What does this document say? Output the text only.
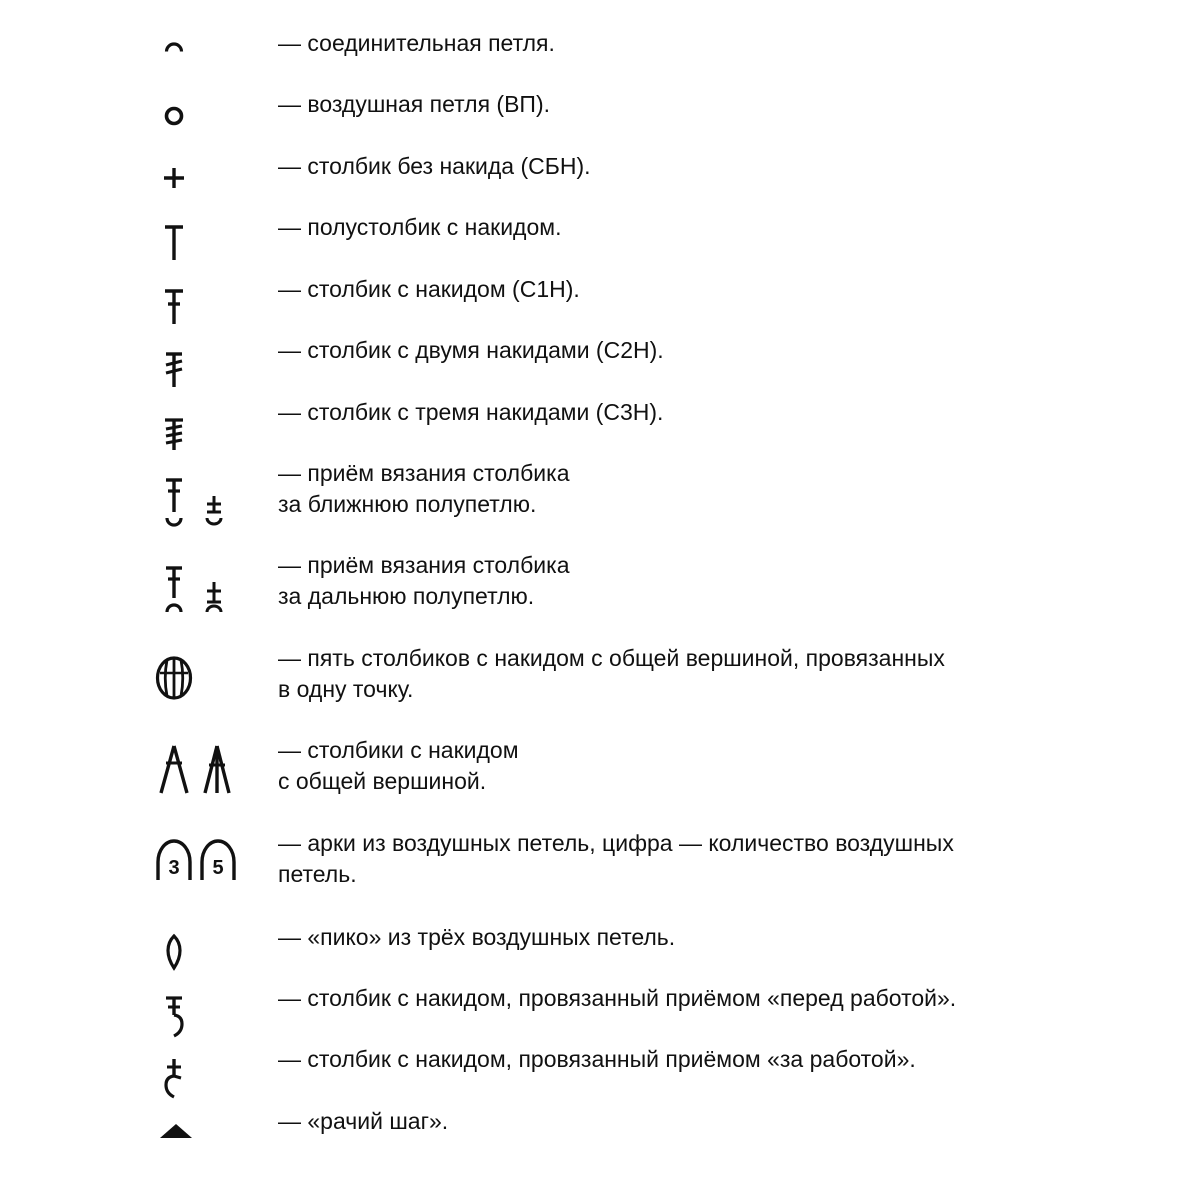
— соединительная петля.

— воздушная петля (ВП).

— столбик без накида (СБН).

— полустолбик с накидом.

— столбик с накидом (С1Н).

— столбик с двумя накидами (С2Н).

— столбик с тремя накидами (С3Н).

— приём вязания столбика
за ближнюю полупетлю.

— приём вязания столбика
за дальнюю полупетлю.

— пять столбиков с накидом с общей вершиной, провязанных
в одну точку.

— столбики с накидом
с общей вершиной.

3 5

— арки из воздушных петель, цифра — количество воздушных
петель.

— «пико» из трёх воздушных петель.

— столбик с накидом, провязанный приёмом «перед работой».

— столбик с накидом, провязанный приёмом «за работой».

— «рачий шаг».
